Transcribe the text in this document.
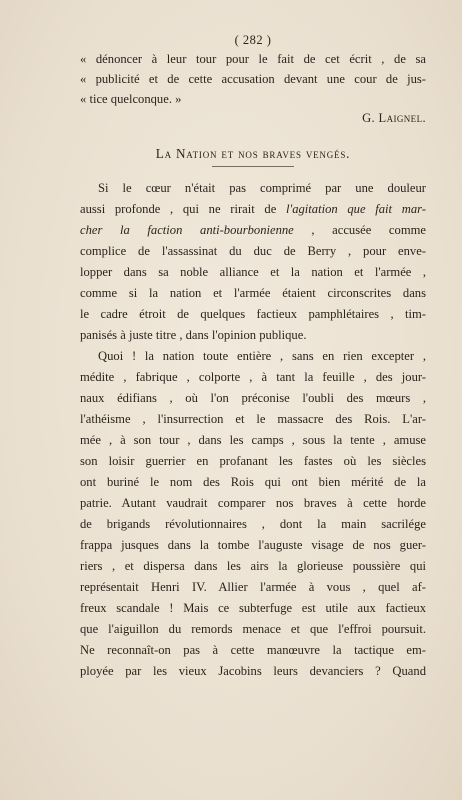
( 282 )
« dénoncer à leur tour pour le fait de cet écrit , de sa
« publicité et de cette accusation devant une cour de jus-
« tice quelconque. »
G. Laignel.
La Nation et nos braves vengés.
Si le cœur n'était pas comprimé par une douleur
aussi profonde , qui ne rirait de l'agitation que fait mar-
cher la faction anti-bourbonienne , accusée comme
complice de l'assassinat du duc de Berry , pour enve-
lopper dans sa noble alliance et la nation et l'armée ,
comme si la nation et l'armée étaient circonscrites dans
le cadre étroit de quelques factieux pamphlétaires , tim-
panisés à juste titre , dans l'opinion publique.
Quoi ! la nation toute entière , sans en rien excepter ,
médite , fabrique , colporte , à tant la feuille , des jour-
naux édifians , où l'on préconise l'oubli des mœurs ,
l'athéisme , l'insurrection et le massacre des Rois. L'ar-
mée , à son tour , dans les camps , sous la tente , amuse
son loisir guerrier en profanant les fastes où les siècles
ont buriné le nom des Rois qui ont bien mérité de la
patrie. Autant vaudrait comparer nos braves à cette horde
de brigands révolutionnaires , dont la main sacrilége
frappa jusques dans la tombe l'auguste visage de nos guer-
riers , et dispersa dans les airs la glorieuse poussière qui
représentait Henri IV. Allier l'armée à vous , quel af-
freux scandale ! Mais ce subterfuge est utile aux factieux
que l'aiguillon du remords menace et que l'effroi poursuit.
Ne reconnaît-on pas à cette manœuvre la tactique em-
ployée par les vieux Jacobins leurs devanciers ? Quand
